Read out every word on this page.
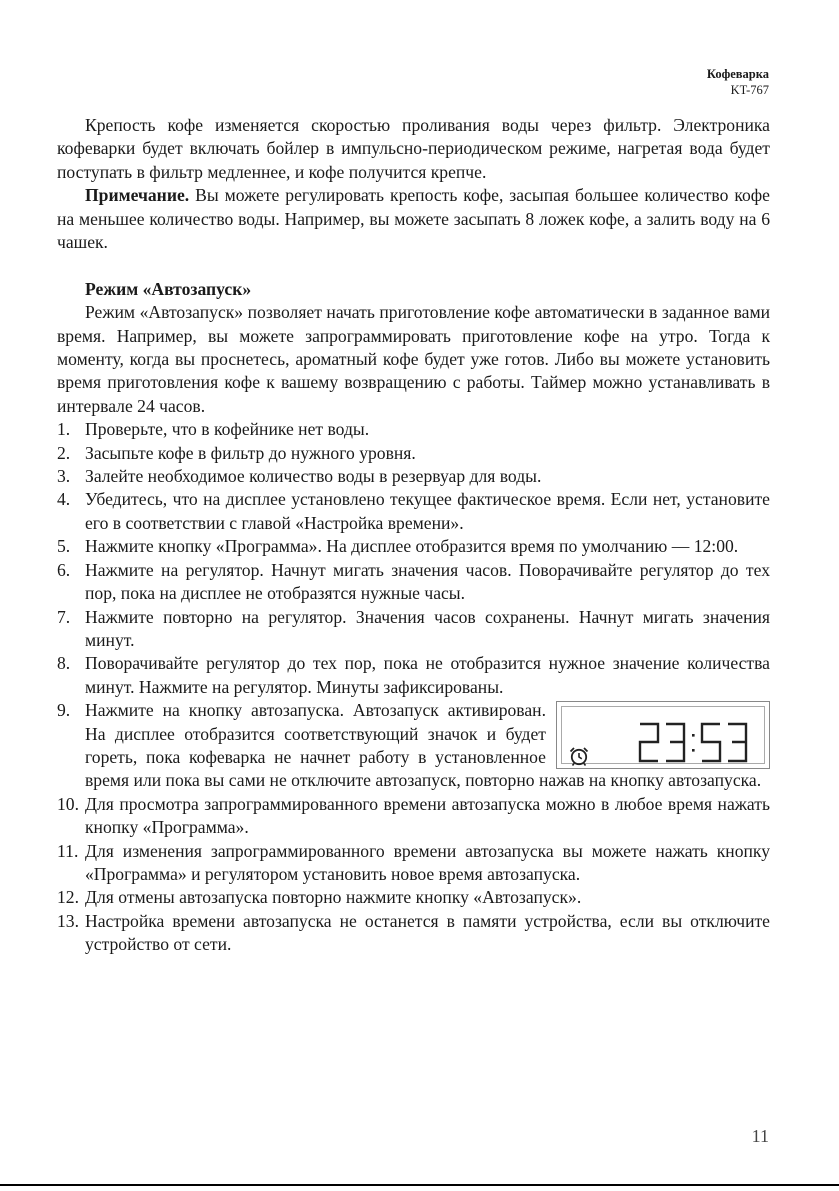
Кофеварка
KT-767

Крепость кофе изменяется скоростью проливания воды через фильтр. Электроника кофеварки будет включать бойлер в импульсно-периодическом режиме, нагретая вода будет поступать в фильтр медленнее, и кофе получится крепче.

Примечание. Вы можете регулировать крепость кофе, засыпая большее количество кофе на меньшее количество воды. Например, вы можете засыпать 8 ложек кофе, а залить воду на 6 чашек.

Режим «Автозапуск»

Режим «Автозапуск» позволяет начать приготовление кофе автоматически в заданное вами время. Например, вы можете запрограммировать приготовление кофе на утро. Тогда к моменту, когда вы проснетесь, ароматный кофе будет уже готов. Либо вы можете установить время приготовления кофе к вашему возвращению с работы. Таймер можно устанавливать в интервале 24 часов.

1. Проверьте, что в кофейнике нет воды.
2. Засыпьте кофе в фильтр до нужного уровня.
3. Залейте необходимое количество воды в резервуар для воды.
4. Убедитесь, что на дисплее установлено текущее фактическое время. Если нет, установите его в соответствии с главой «Настройка времени».
5. Нажмите кнопку «Программа». На дисплее отобразится время по умолчанию — 12:00.
6. Нажмите на регулятор. Начнут мигать значения часов. Поворачивайте регулятор до тех пор, пока на дисплее не отобразятся нужные часы.
7. Нажмите повторно на регулятор. Значения часов сохранены. Начнут мигать значения минут.
8. Поворачивайте регулятор до тех пор, пока не отобразится нужное значение количества минут. Нажмите на регулятор. Минуты зафиксированы.
9.
23:53
Нажмите на кнопку автозапуска. Автозапуск активирован. На дисплее отобразится соответствующий значок и будет гореть, пока кофеварка не начнет работу в установленное время или пока вы сами не отключите автозапуск, повторно нажав на кнопку автозапуска.
10. Для просмотра запрограммированного времени автозапуска можно в любое время нажать кнопку «Программа».
11. Для изменения запрограммированного времени автозапуска вы можете нажать кнопку «Программа» и регулятором установить новое время автозапуска.
12. Для отмены автозапуска повторно нажмите кнопку «Автозапуск».
13. Настройка времени автозапуска не останется в памяти устройства, если вы отключите устройство от сети.
11
